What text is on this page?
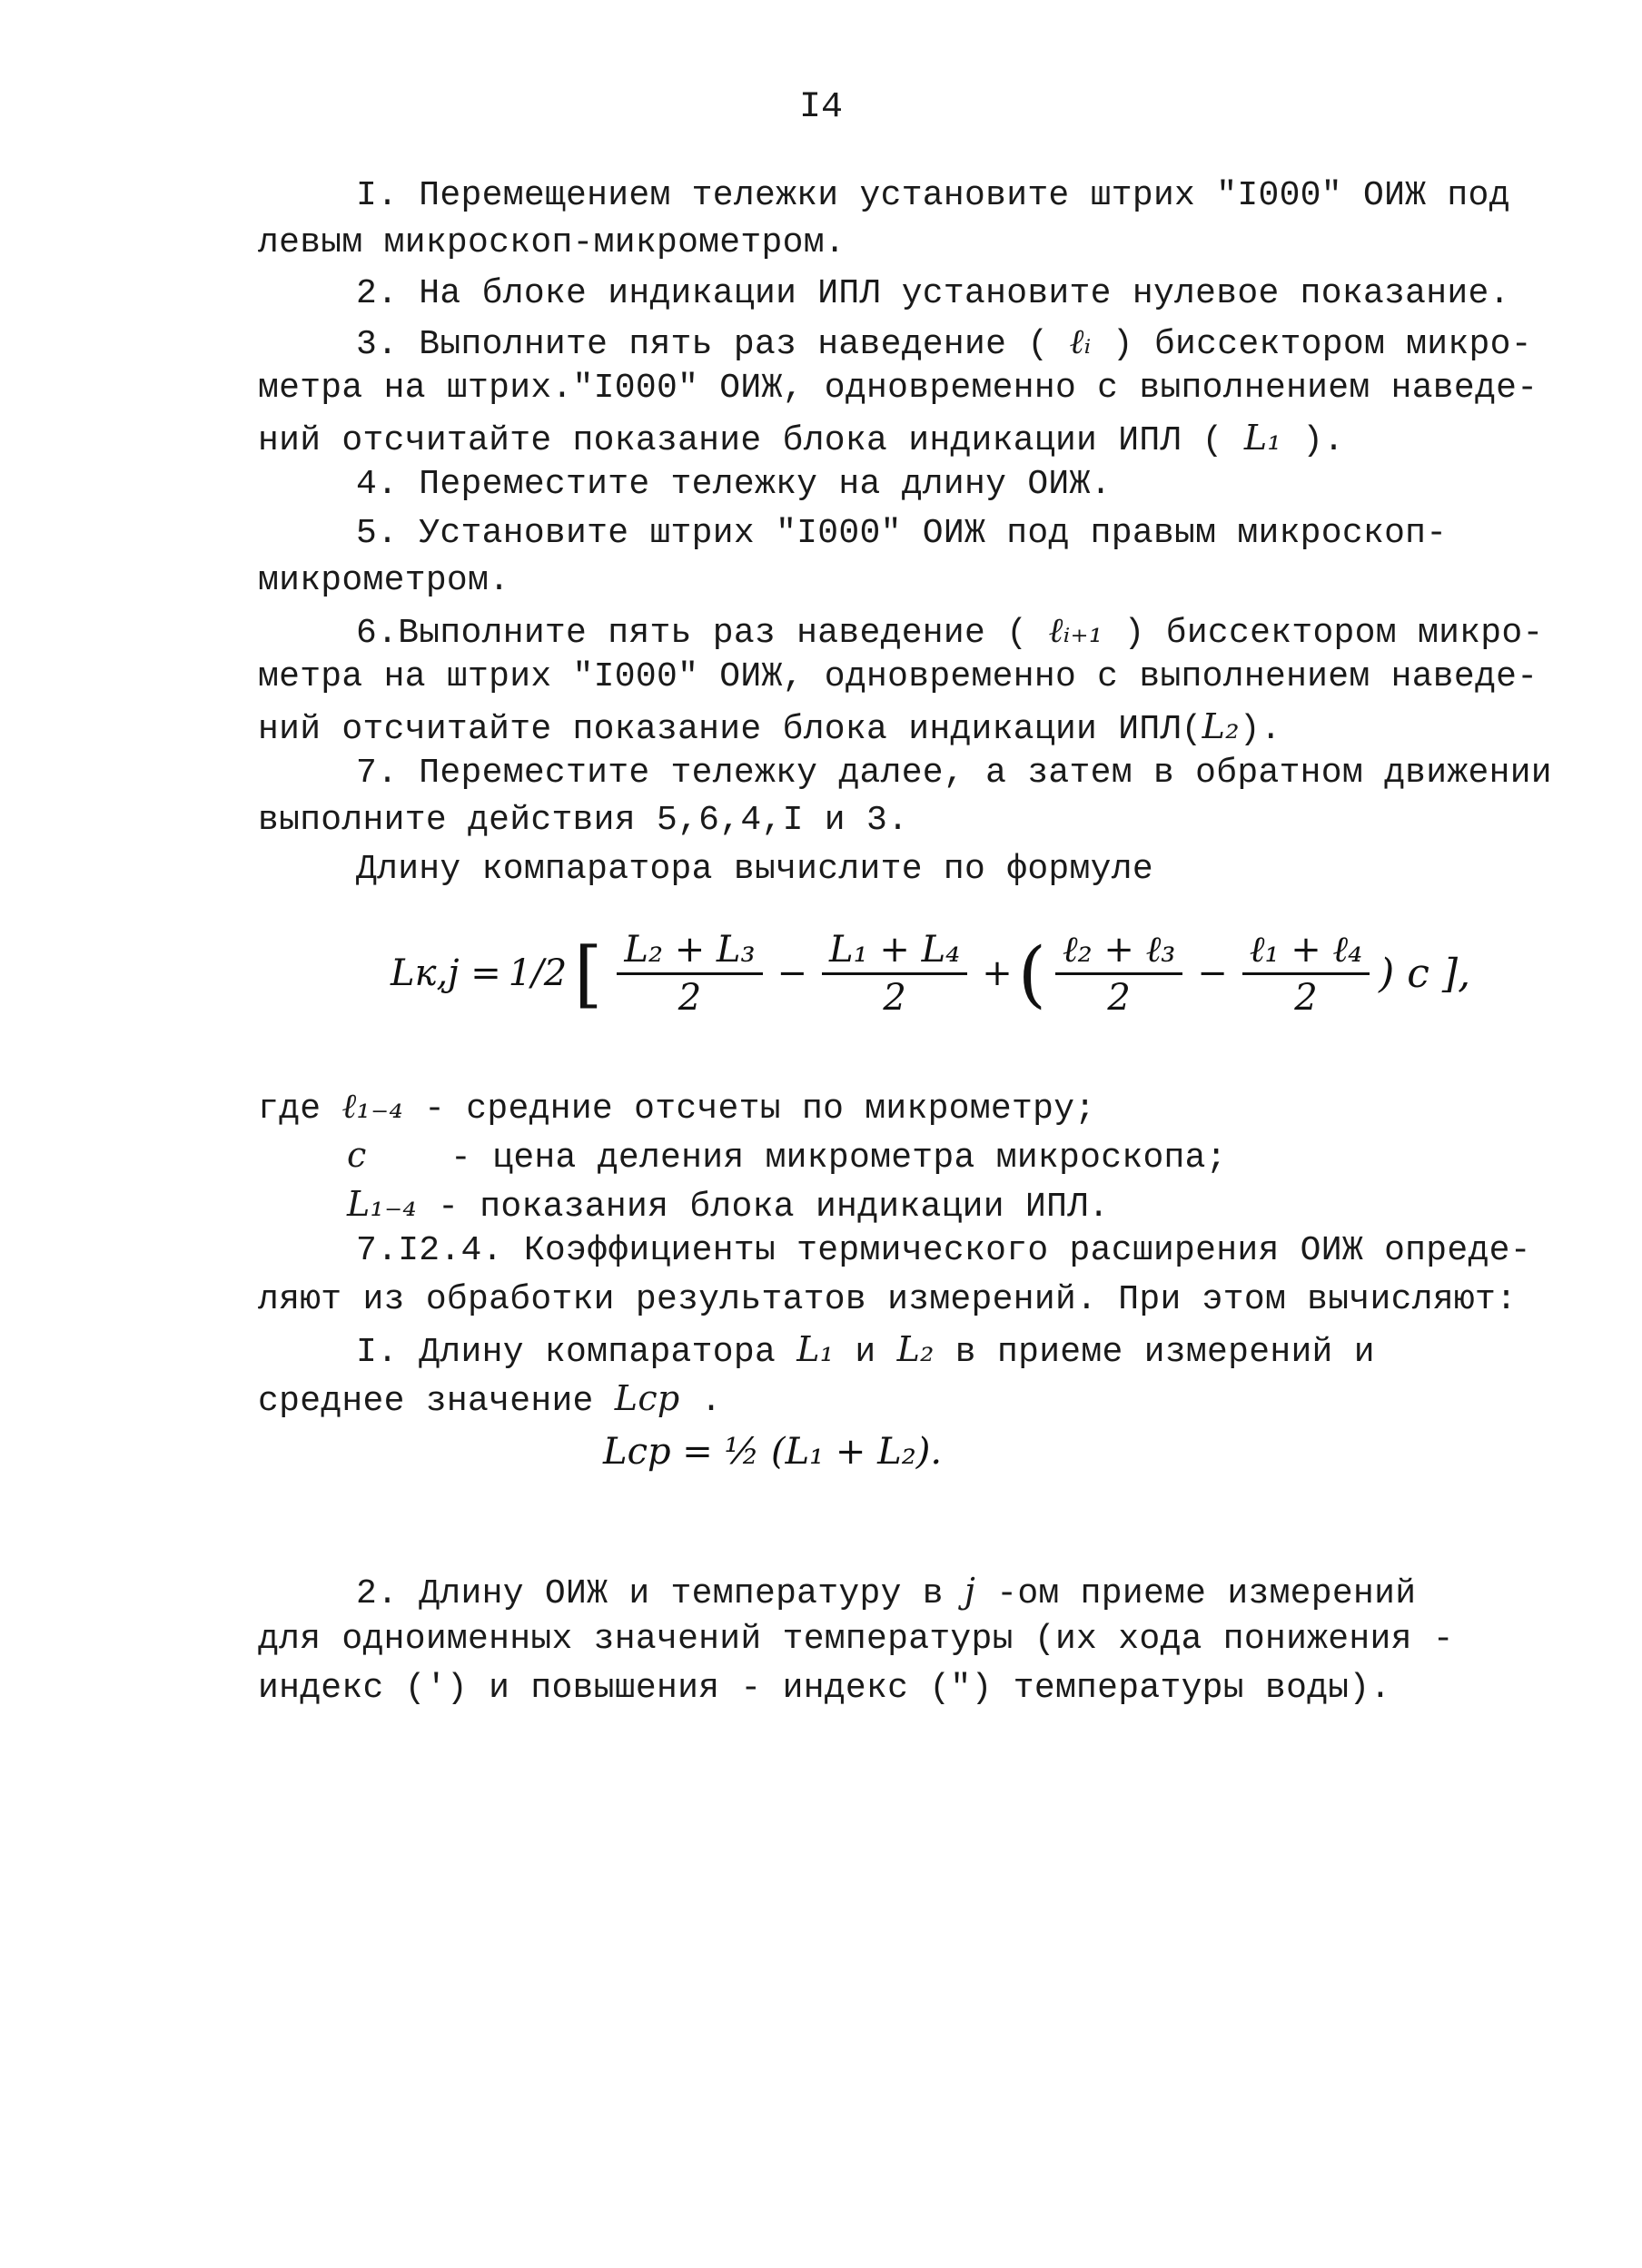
I4
I. Перемещением тележки установите штрих "I000" ОИЖ под
левым микроскоп-микрометром.
2. На блоке индикации ИПЛ установите нулевое показание.
3. Выполните пять раз наведение ( ℓᵢ ) биссектором микро-
метра на штрих."I000" ОИЖ, одновременно с выполнением наведе-
ний отсчитайте показание блока индикации ИПЛ ( L₁ ).
4. Переместите тележку на длину ОИЖ.
5. Установите штрих "I000" ОИЖ под правым микроскоп-
микрометром.
6.Выполните пять раз наведение ( ℓᵢ₊₁ ) биссектором микро-
метра на штрих "I000" ОИЖ, одновременно с выполнением наведе-
ний отсчитайте показание блока индикации ИПЛ(L₂).
7. Переместите тележку далее, а затем в обратном движении
выполните действия 5,6,4,I и 3.
Длину компаратора вычислите по формуле
Lк,j = 1/2 [ $\frac{\text{L₂ + L₃}}{2} - \frac{\text{L₁ + L₄}}{2}$ + ( $\frac{\text{ℓ₂ + ℓ₃}}{2} - \frac{\text{ℓ₁ + ℓ₄}}{2}$ ) c ],
где ℓ₁₋₄ - средние отсчеты по микрометру;
c - цена деления микрометра микроскопа;
L₁₋₄ - показания блока индикации ИПЛ.
7.I2.4. Коэффициенты термического расширения ОИЖ опреде-
ляют из обработки результатов измерений. При этом вычисляют:
I. Длину компаратора L₁ и L₂ в приеме измерений и
среднее значение Lcp .
Lcp = ½ (L₁ + L₂).
2. Длину ОИЖ и температуру в j -ом приеме измерений
для одноименных значений температуры (их хода понижения -
индекс (′) и повышения - индекс (″) температуры воды).
